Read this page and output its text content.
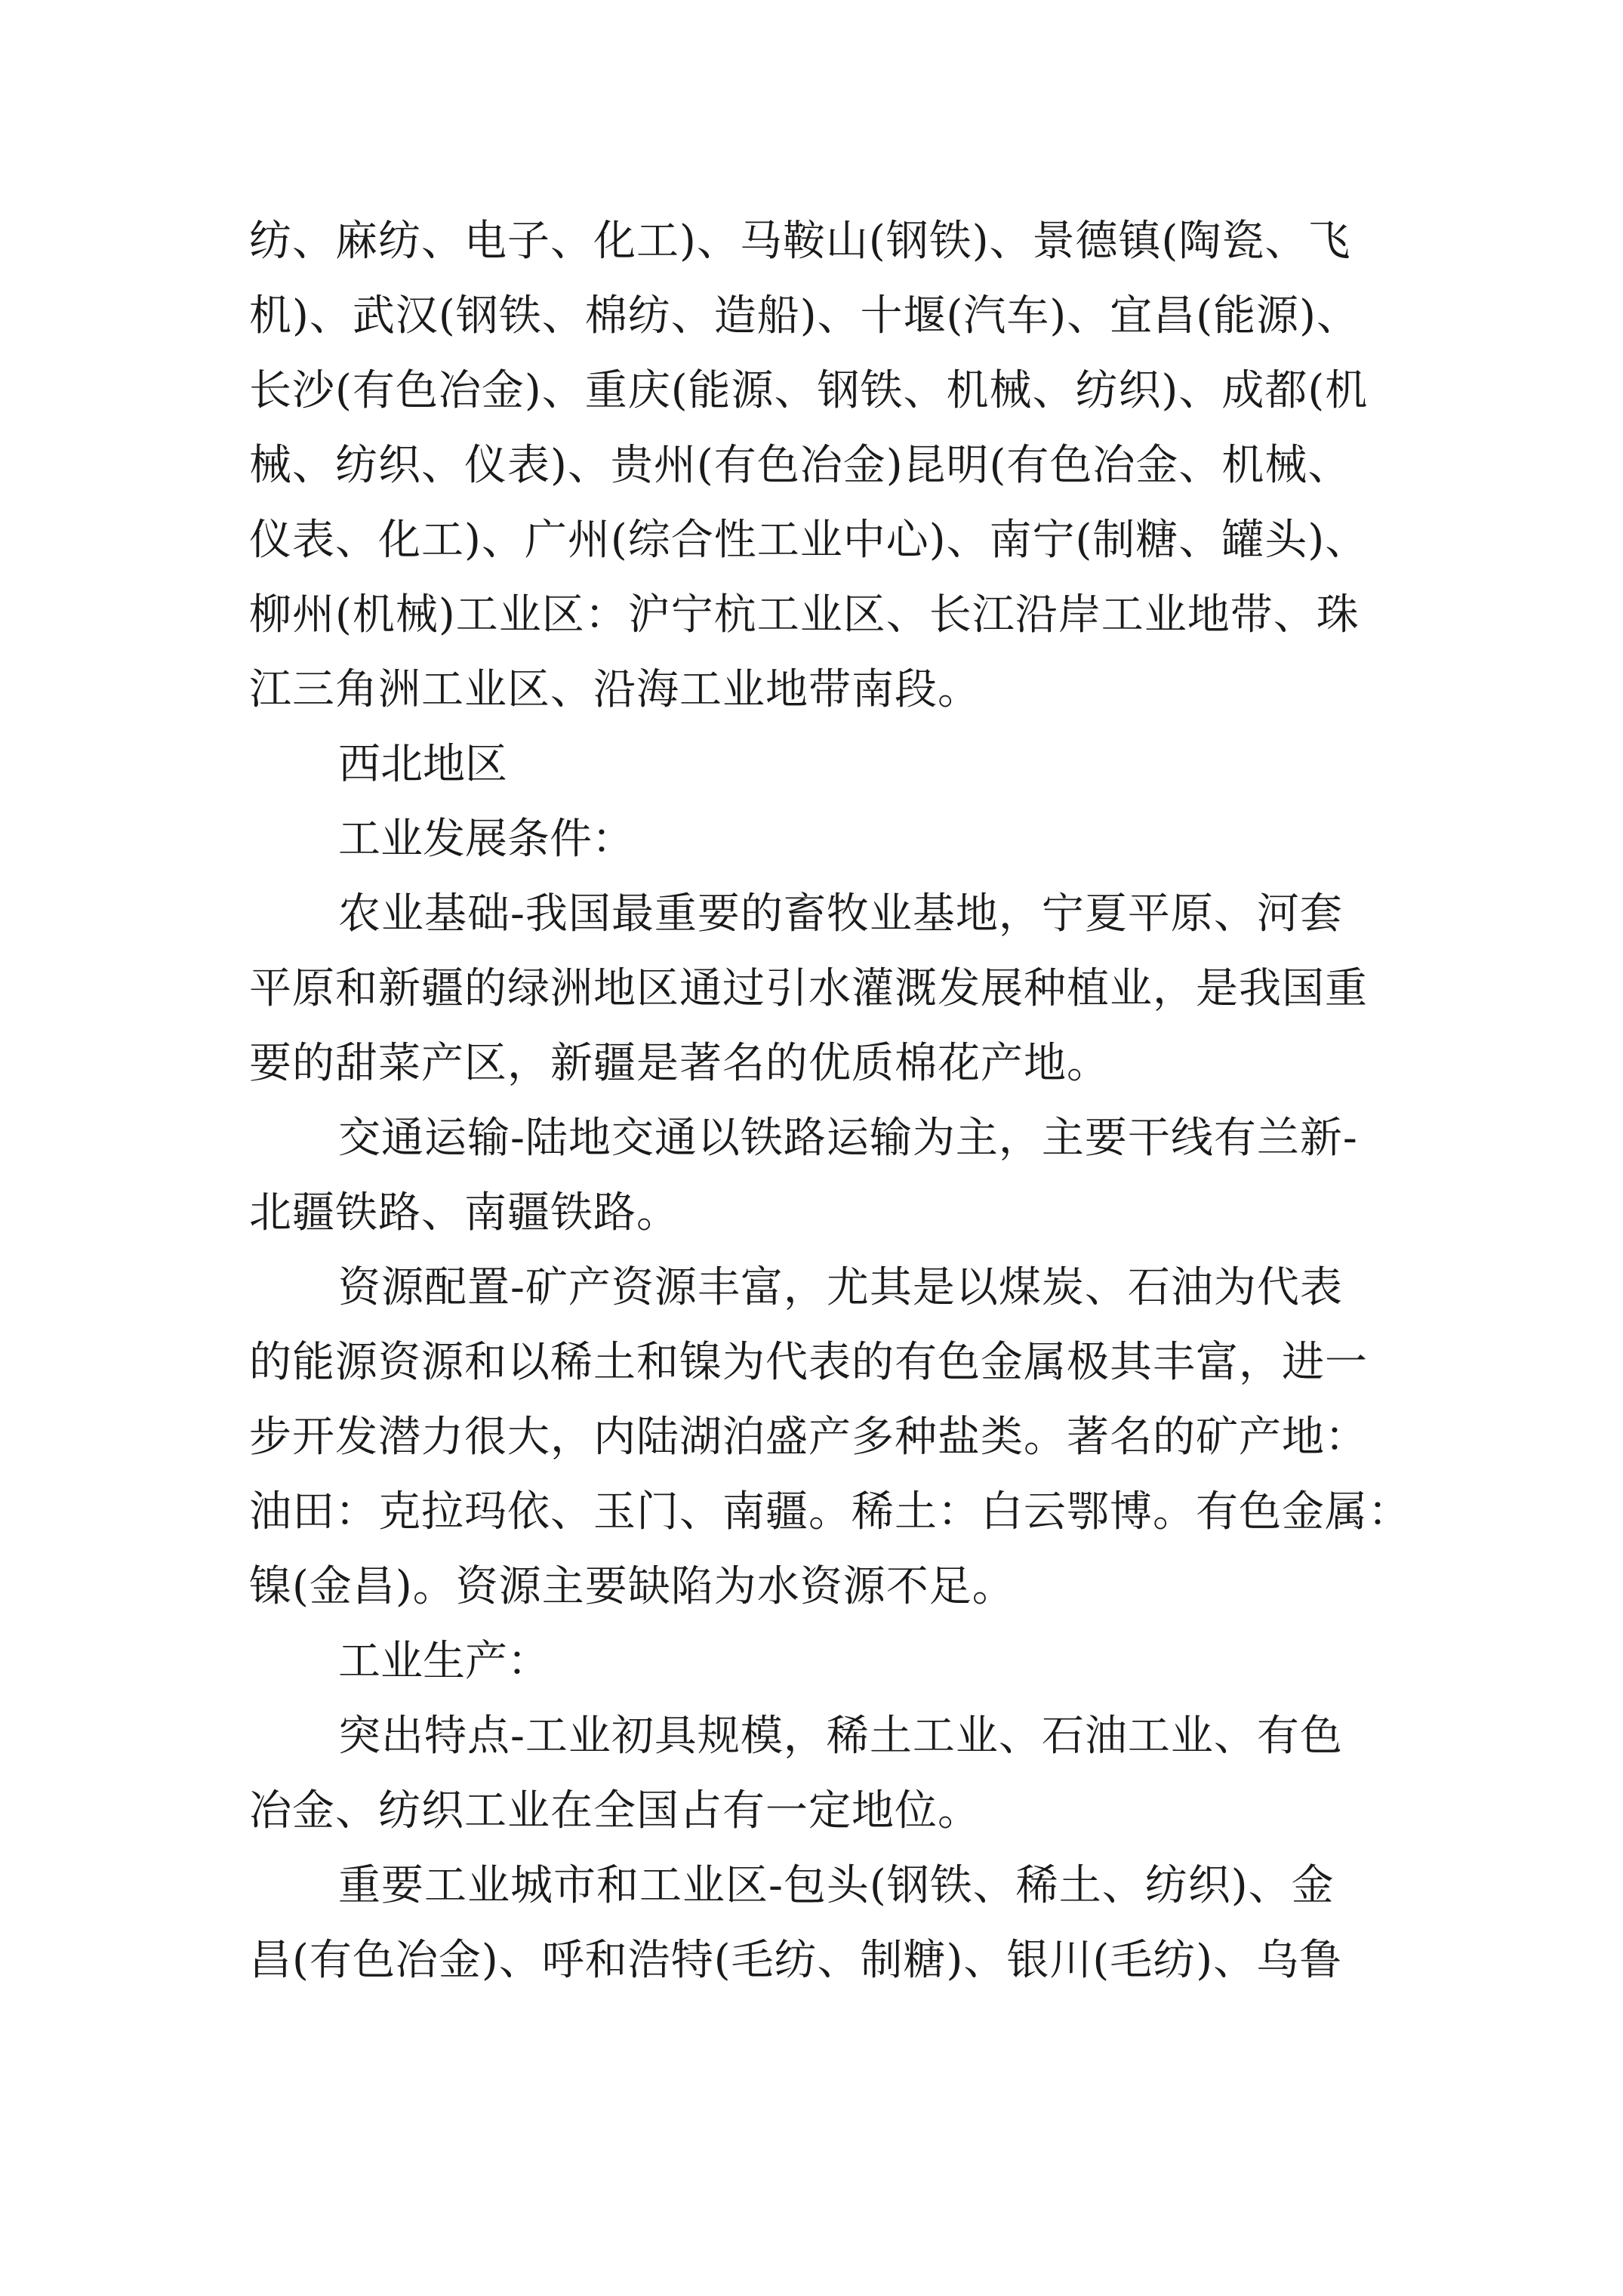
纺、麻纺、电子、化工)、马鞍山(钢铁)、景德镇(陶瓷、飞
机)、武汉(钢铁、棉纺、造船)、十堰(汽车)、宜昌(能源)、
长沙(有色冶金)、重庆(能源、钢铁、机械、纺织)、成都(机
械、纺织、仪表)、贵州(有色冶金)昆明(有色冶金、机械、
仪表、化工)、广州(综合性工业中心)、南宁(制糖、罐头)、
柳州(机械)工业区：沪宁杭工业区、长江沿岸工业地带、珠
江三角洲工业区、沿海工业地带南段。
西北地区
工业发展条件：
农业基础-我国最重要的畜牧业基地，宁夏平原、河套
平原和新疆的绿洲地区通过引水灌溉发展种植业，是我国重
要的甜菜产区，新疆是著名的优质棉花产地。
交通运输-陆地交通以铁路运输为主，主要干线有兰新-
北疆铁路、南疆铁路。
资源配置-矿产资源丰富，尤其是以煤炭、石油为代表
的能源资源和以稀土和镍为代表的有色金属极其丰富，进一
步开发潜力很大，内陆湖泊盛产多种盐类。著名的矿产地：
油田：克拉玛依、玉门、南疆。稀土：白云鄂博。有色金属：
镍(金昌)。资源主要缺陷为水资源不足。
工业生产：
突出特点-工业初具规模，稀土工业、石油工业、有色
冶金、纺织工业在全国占有一定地位。
重要工业城市和工业区-包头(钢铁、稀土、纺织)、金
昌(有色冶金)、呼和浩特(毛纺、制糖)、银川(毛纺)、乌鲁
